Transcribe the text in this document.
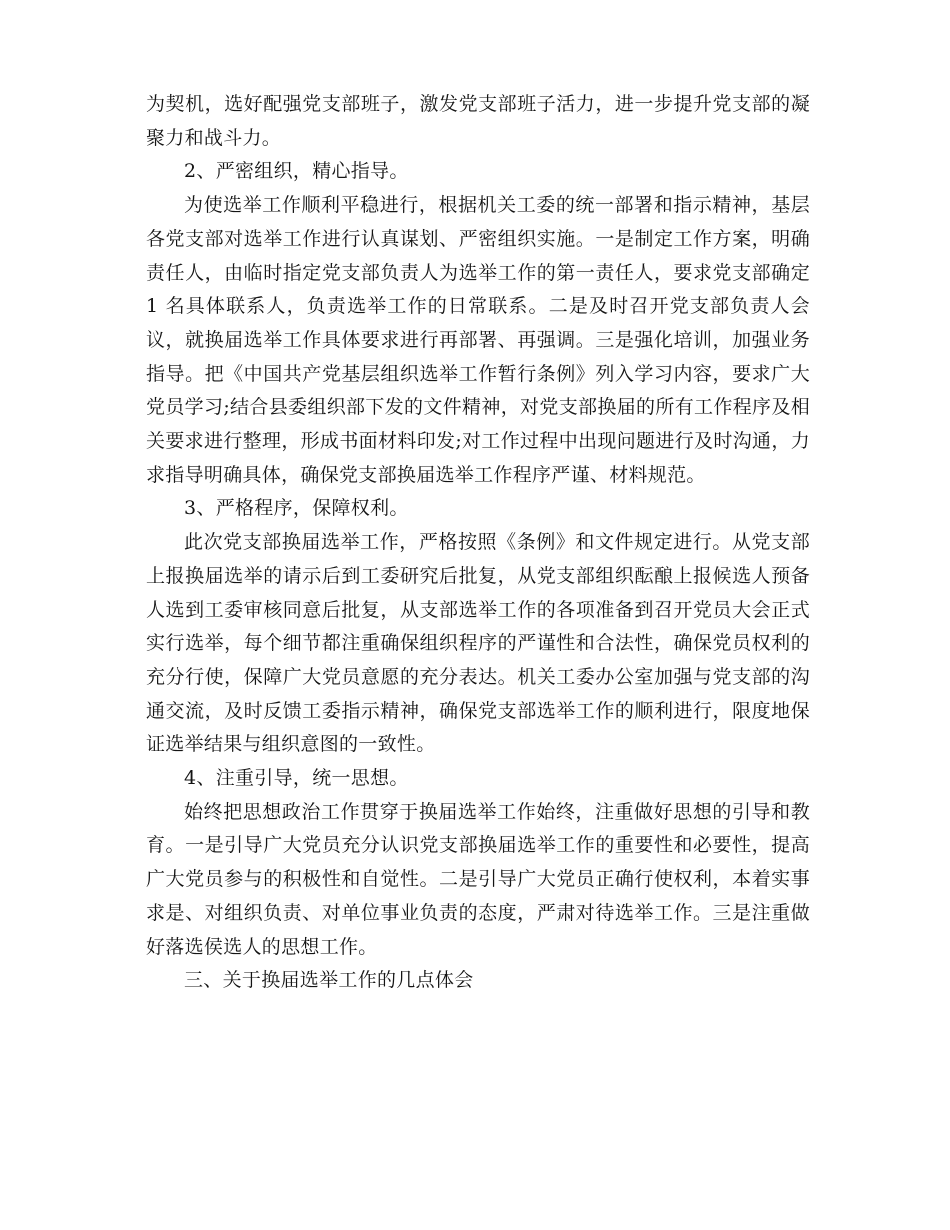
为契机，选好配强党支部班子，激发党支部班子活力，进一步提升党支部的凝聚力和战斗力。

2、严密组织，精心指导。

为使选举工作顺利平稳进行，根据机关工委的统一部署和指示精神，基层各党支部对选举工作进行认真谋划、严密组织实施。一是制定工作方案，明确责任人，由临时指定党支部负责人为选举工作的第一责任人，要求党支部确定 1 名具体联系人，负责选举工作的日常联系。二是及时召开党支部负责人会议，就换届选举工作具体要求进行再部署、再强调。三是强化培训，加强业务指导。把《中国共产党基层组织选举工作暂行条例》列入学习内容，要求广大党员学习;结合县委组织部下发的文件精神，对党支部换届的所有工作程序及相关要求进行整理，形成书面材料印发;对工作过程中出现问题进行及时沟通，力求指导明确具体，确保党支部换届选举工作程序严谨、材料规范。

3、严格程序，保障权利。

此次党支部换届选举工作，严格按照《条例》和文件规定进行。从党支部上报换届选举的请示后到工委研究后批复，从党支部组织酝酿上报候选人预备人选到工委审核同意后批复，从支部选举工作的各项准备到召开党员大会正式实行选举，每个细节都注重确保组织程序的严谨性和合法性，确保党员权利的充分行使，保障广大党员意愿的充分表达。机关工委办公室加强与党支部的沟通交流，及时反馈工委指示精神，确保党支部选举工作的顺利进行，限度地保证选举结果与组织意图的一致性。

4、注重引导，统一思想。

始终把思想政治工作贯穿于换届选举工作始终，注重做好思想的引导和教育。一是引导广大党员充分认识党支部换届选举工作的重要性和必要性，提高广大党员参与的积极性和自觉性。二是引导广大党员正确行使权利，本着实事求是、对组织负责、对单位事业负责的态度，严肃对待选举工作。三是注重做好落选侯选人的思想工作。

三、关于换届选举工作的几点体会
